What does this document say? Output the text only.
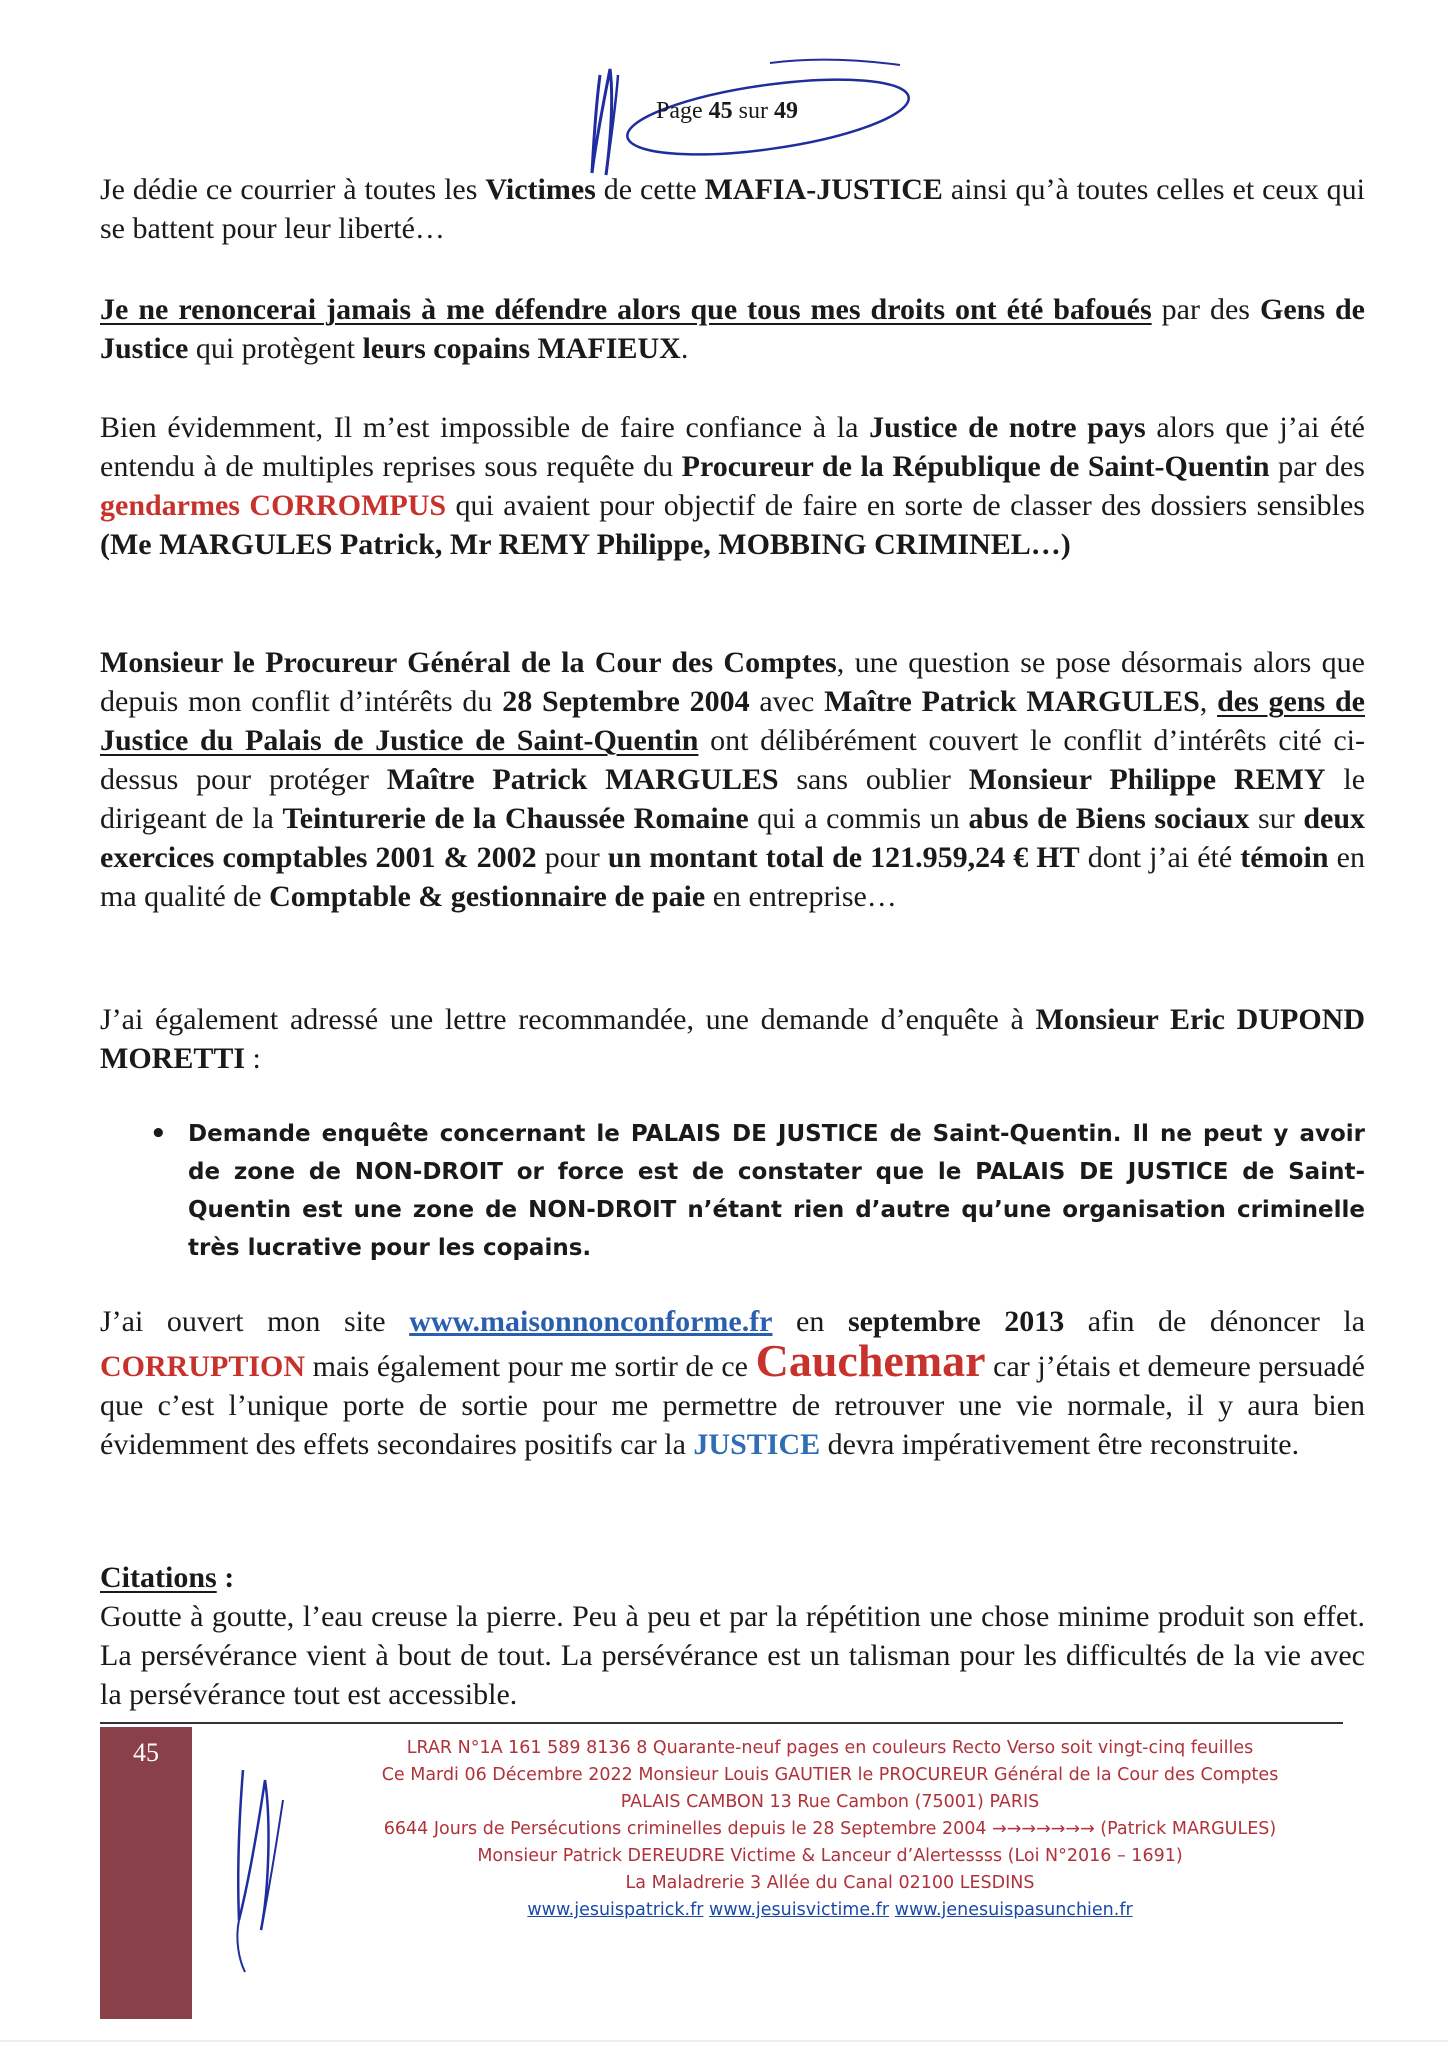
Page 45 sur 49
Je dédie ce courrier à toutes les Victimes de cette MAFIA-JUSTICE ainsi qu’à toutes celles et ceux qui se battent pour leur liberté…
Je ne renoncerai jamais à me défendre alors que tous mes droits ont été bafoués par des Gens de Justice qui protègent leurs copains MAFIEUX.
Bien évidemment, Il m’est impossible de faire confiance à la Justice de notre pays alors que j’ai été entendu à de multiples reprises sous requête du Procureur de la République de Saint-Quentin par des gendarmes CORROMPUS qui avaient pour objectif de faire en sorte de classer des dossiers sensibles (Me MARGULES Patrick, Mr REMY Philippe, MOBBING CRIMINEL…)
Monsieur le Procureur Général de la Cour des Comptes, une question se pose désormais alors que depuis mon conflit d’intérêts du 28 Septembre 2004 avec Maître Patrick MARGULES, des gens de Justice du Palais de Justice de Saint-Quentin ont délibérément couvert le conflit d’intérêts cité ci-dessus pour protéger Maître Patrick MARGULES sans oublier Monsieur Philippe REMY le dirigeant de la Teinturerie de la Chaussée Romaine qui a commis un abus de Biens sociaux sur deux exercices comptables 2001 & 2002 pour un montant total de 121.959,24 € HT dont j’ai été témoin en ma qualité de Comptable & gestionnaire de paie en entreprise…
J’ai également adressé une lettre recommandée, une demande d’enquête à Monsieur Eric DUPOND MORETTI :
• Demande enquête concernant le PALAIS DE JUSTICE de Saint-Quentin. Il ne peut y avoir de zone de NON-DROIT or force est de constater que le PALAIS DE JUSTICE de Saint-Quentin est une zone de NON-DROIT n’étant rien d’autre qu’une organisation criminelle très lucrative pour les copains.
J’ai ouvert mon site www.maisonnonconforme.fr en septembre 2013 afin de dénoncer la CORRUPTION mais également pour me sortir de ce Cauchemar car j’étais et demeure persuadé que c’est l’unique porte de sortie pour me permettre de retrouver une vie normale, il y aura bien évidemment des effets secondaires positifs car la JUSTICE devra impérativement être reconstruite.
Citations :
Goutte à goutte, l’eau creuse la pierre. Peu à peu et par la répétition une chose minime produit son effet. La persévérance vient à bout de tout. La persévérance est un talisman pour les difficultés de la vie avec la persévérance tout est accessible.
45	LRAR N°1A 161 589 8136 8 Quarante-neuf pages en couleurs Recto Verso soit vingt-cinq feuilles
Ce Mardi 06 Décembre 2022 Monsieur Louis GAUTIER le PROCUREUR Général de la Cour des Comptes
PALAIS CAMBON 13 Rue Cambon (75001) PARIS
6644 Jours de Persécutions criminelles depuis le 28 Septembre 2004 →→→→→→→ (Patrick MARGULES)
Monsieur Patrick DEREUDRE Victime & Lanceur d’Alertessss (Loi N°2016 – 1691)
La Maladrerie 3 Allée du Canal 02100 LESDINS
www.jesuispatrick.fr www.jesuisvictime.fr www.jenesuispasunchien.fr
